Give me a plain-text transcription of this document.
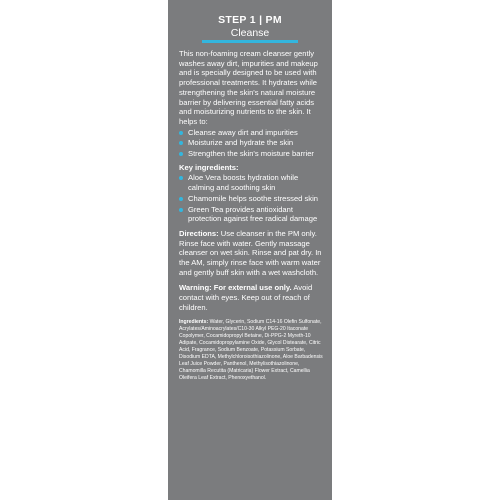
STEP 1 | PM
Cleanse

This non-foaming cream cleanser gently washes away dirt, impurities and makeup and is specially designed to be used with professional treatments. It hydrates while strengthening the skin's natural moisture barrier by delivering essential fatty acids and moisturizing nutrients to the skin. It helps to:

Cleanse away dirt and impurities
Moisturize and hydrate the skin
Strengthen the skin's moisture barrier
Key ingredients:
Aloe Vera boosts hydration while calming and soothing skin
Chamomile helps soothe stressed skin
Green Tea provides antioxidant protection against free radical damage
Directions: Use cleanser in the PM only. Rinse face with water. Gently massage cleanser on wet skin. Rinse and pat dry. In the AM, simply rinse face with warm water and gently buff skin with a wet washcloth.
Warning: For external use only. Avoid contact with eyes. Keep out of reach of children.
Ingredients: Water, Glycerin, Sodium C14-16 Olefin Sulfonate, Acrylates/Aminoacrylates/C10-30 Alkyl PEG-20 Itaconate Copolymer, Cocamidopropyl Betaine, Di-PPG-2 Myreth-10 Adipate, Cocamidopropylamine Oxide, Glycol Distearate, Citric Acid, Fragrance, Sodium Benzoate, Potassium Sorbate, Disodium EDTA, Methylchloroisothiazolinone, Aloe Barbadensis Leaf Juice Powder, Panthenol, Methylisothiazolinone, Chamomilla Recutita (Matricaria) Flower Extract, Camellia Oleifera Leaf Extract, Phenoxyethanol.
